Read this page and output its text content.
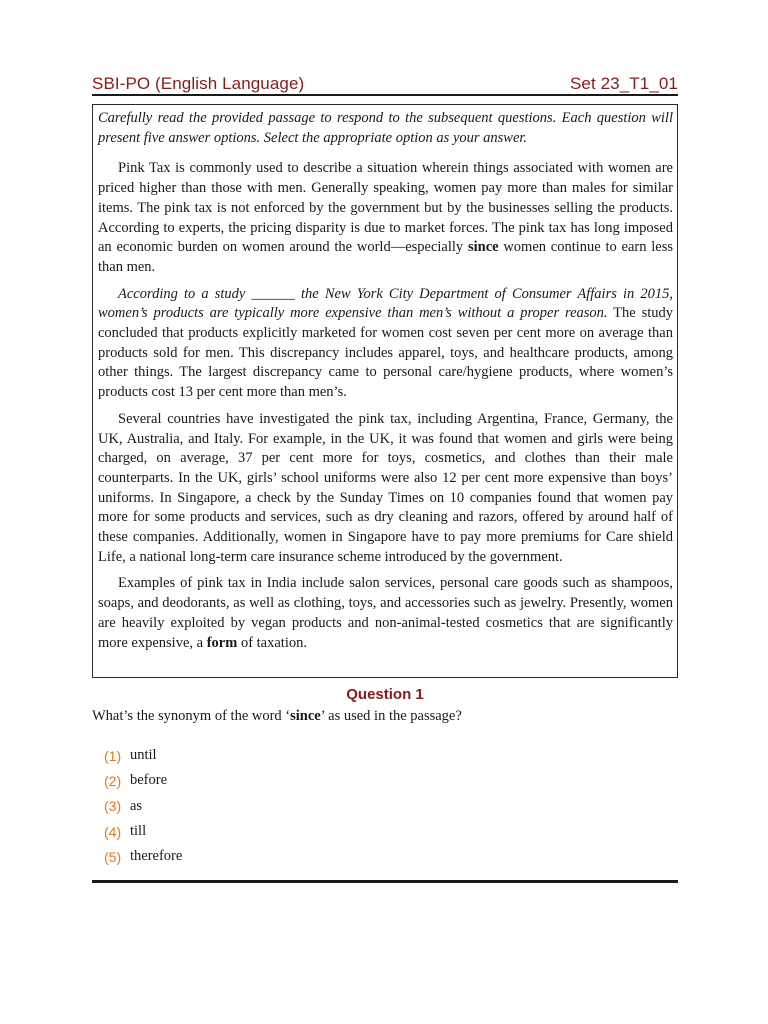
SBI-PO (English Language)	Set 23_T1_01

Carefully read the provided passage to respond to the subsequent questions. Each question will present five answer options. Select the appropriate option as your answer.

Pink Tax is commonly used to describe a situation wherein things associated with women are priced higher than those with men. Generally speaking, women pay more than males for similar items. The pink tax is not enforced by the government but by the businesses selling the products. According to experts, the pricing disparity is due to market forces. The pink tax has long imposed an economic burden on women around the world—especially since women continue to earn less than men.

According to a study ______ the New York City Department of Consumer Affairs in 2015, women’s products are typically more expensive than men’s without a proper reason. The study concluded that products explicitly marketed for women cost seven per cent more on average than products sold for men. This discrepancy includes apparel, toys, and healthcare products, among other things. The largest discrepancy came to personal care/hygiene products, where women’s products cost 13 per cent more than men’s.

Several countries have investigated the pink tax, including Argentina, France, Germany, the UK, Australia, and Italy. For example, in the UK, it was found that women and girls were being charged, on average, 37 per cent more for toys, cosmetics, and clothes than their male counterparts. In the UK, girls’ school uniforms were also 12 per cent more expensive than boys’ uniforms. In Singapore, a check by the Sunday Times on 10 companies found that women pay more for some products and services, such as dry cleaning and razors, offered by around half of these companies. Additionally, women in Singapore have to pay more premiums for Care shield Life, a national long-term care insurance scheme introduced by the government.

Examples of pink tax in India include salon services, personal care goods such as shampoos, soaps, and deodorants, as well as clothing, toys, and accessories such as jewelry. Presently, women are heavily exploited by vegan products and non-animal-tested cosmetics that are significantly more expensive, a form of taxation.

Question 1
What’s the synonym of the word ‘since’ as used in the passage?
(1) until
(2) before
(3) as
(4) till
(5) therefore
